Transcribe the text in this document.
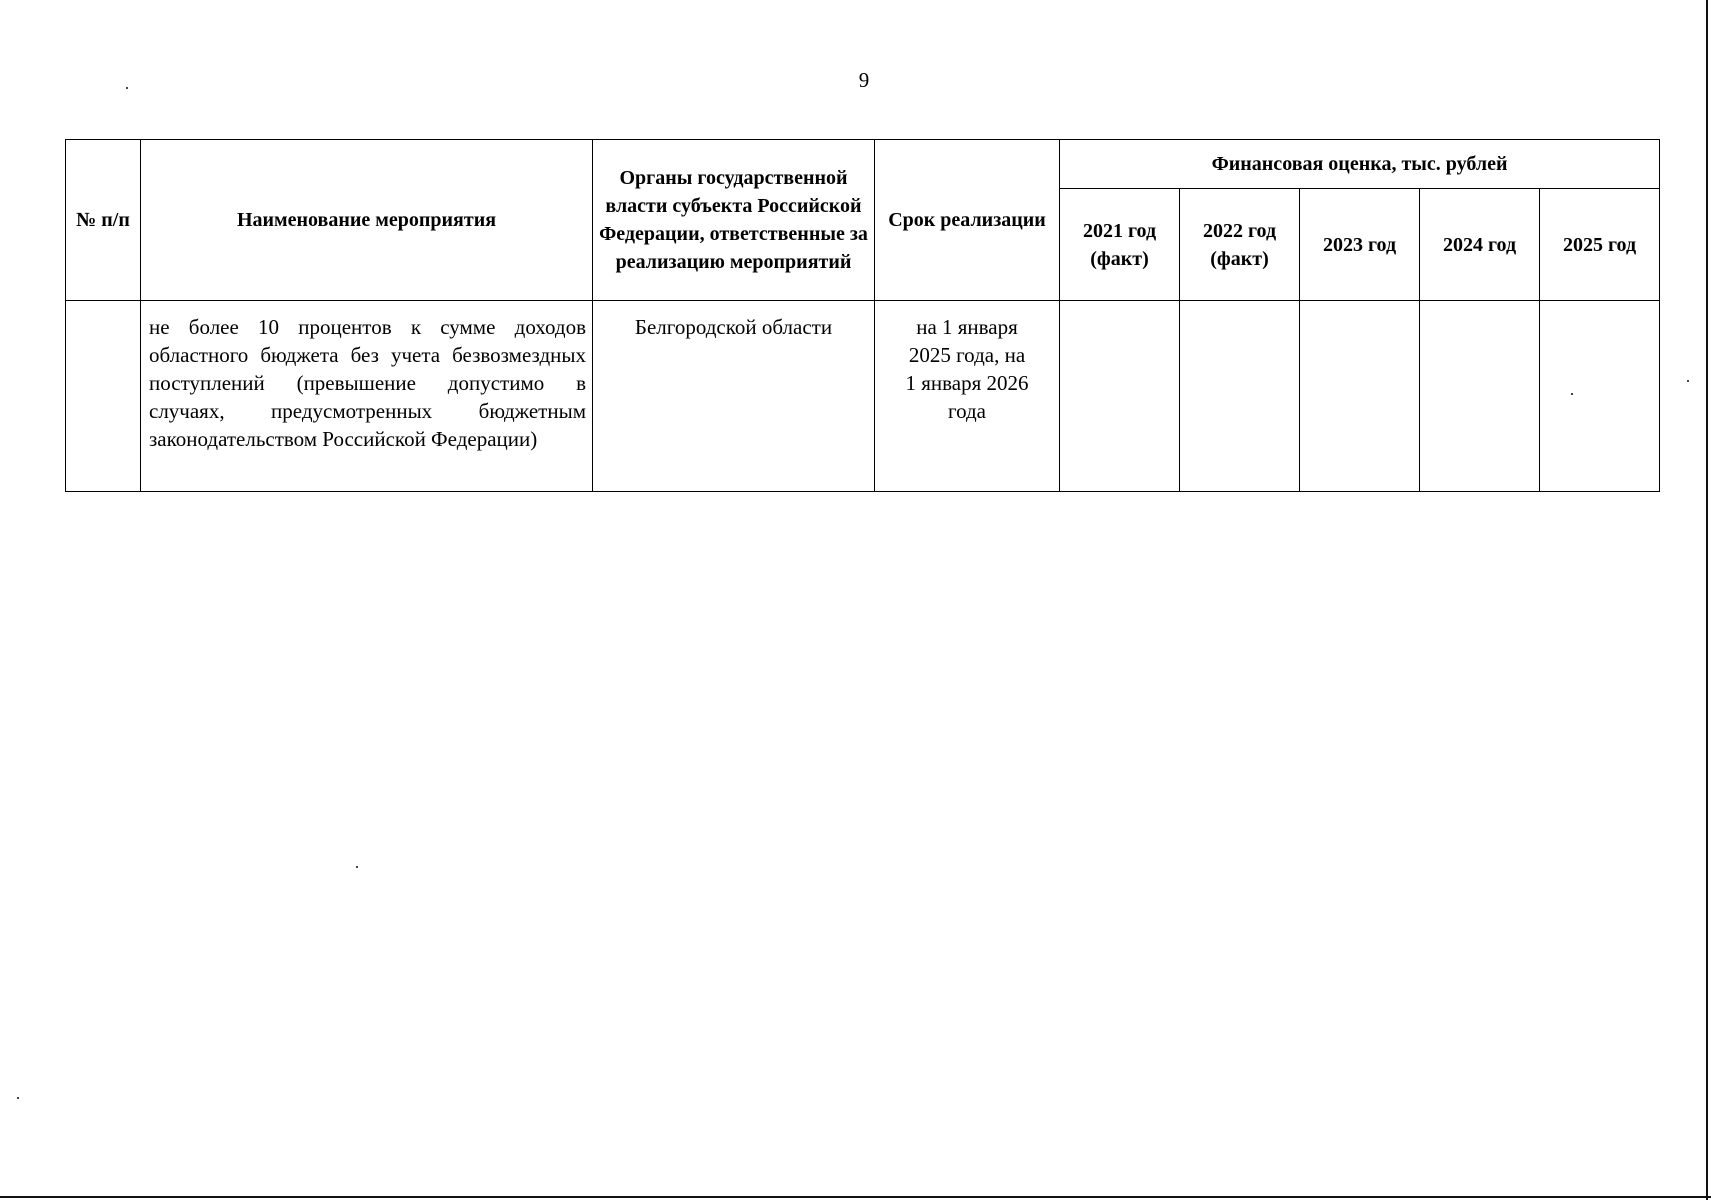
9
№ п/п	Наименование мероприятия	Органы государственной власти субъекта Российской Федерации, ответственные за реализацию мероприятий	Срок реализации	Финансовая оценка, тыс. рублей				
				2021 год (факт)	2022 год (факт)	2023 год	2024 год	2025 год
	не более 10 процентов к сумме доходов областного бюджета без учета безвозмездных поступлений (превышение допустимо в случаях, предусмотренных бюджетным законодательством Российской Федерации)	Белгородской области	на 1 января 2025 года, на 1 января 2026 года					
